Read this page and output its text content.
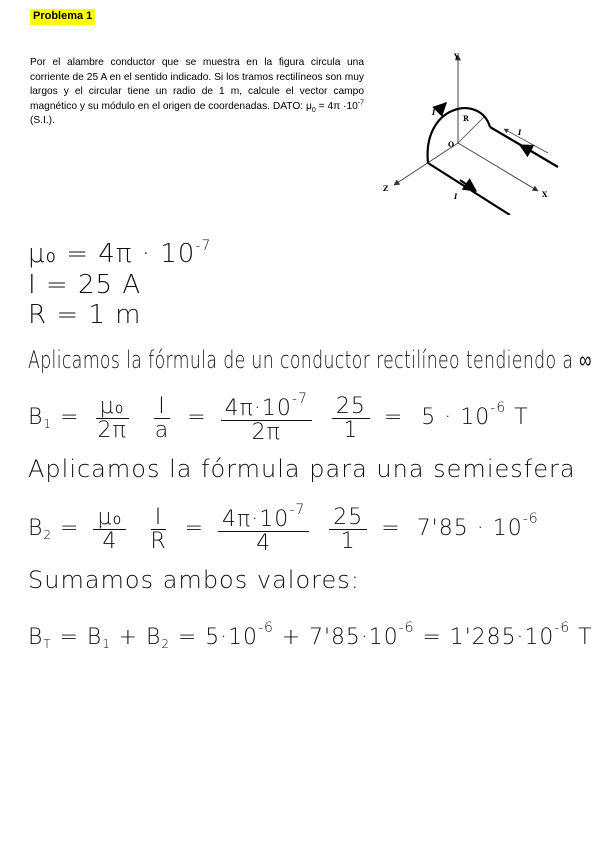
Problema 1
Por el alambre conductor que se muestra en la figura circula una corriente de 25 A en el sentido indicado. Si los tramos rectilíneos son muy largos y el circular tiene un radio de 1 m, calcule el vector campo magnético y su módulo en el origen de coordenadas. DATO: $\mu_0 = 4\pi \cdot 10^{-7}$ (S.I.).
Y
X
Z
O
R
I
I
I
$\mu_0 = 4\pi \cdot 10^{-7}$
I = 25 A
R = 1 m
Aplicamos la fórmula de un conductor rectilíneo tendiendo a ∞
$B_1 = \frac{\text{μ₀}}{2\pi}$
$\frac{I}{a} = \frac{4\pi\cdot 10^{-7}}{2\pi}$
$\frac{25}{1} = 5 \cdot 10^{-6}$ T
Aplicamos la fórmula para una semiesfera
$B_2 = \frac{\text{μ₀}}{4}$
$\frac{I}{R} = \frac{4\pi\cdot 10^{-7}}{4}$
$\frac{25}{1} = 7'85 \cdot 10^{-6}$
Sumamos ambos valores:
$B_T = B_1 + B_2 = 5\cdot 10^{-6} + 7'85\cdot 10^{-6} = 1'285\cdot 10^{-6}$ T
